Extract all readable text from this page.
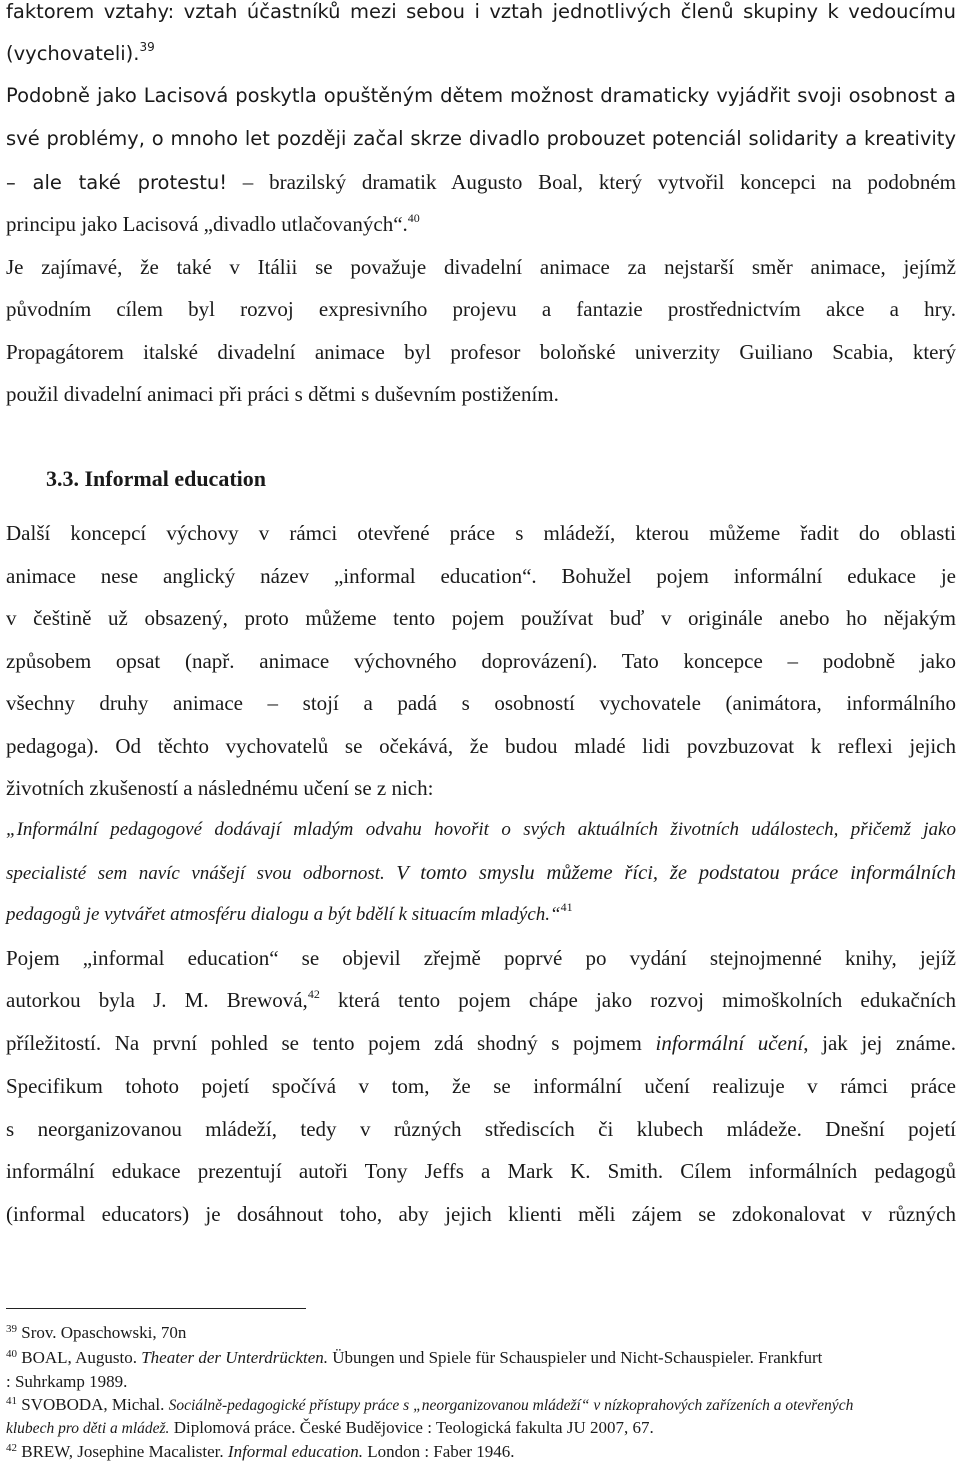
faktorem vztahy: vztah účastníků mezi sebou i vztah jednotlivých členů skupiny k vedoucímu
(vychovateli).$^{39}$
Podobně jako Lacisová poskytla opuštěným dětem možnost dramaticky vyjádřit svoji osobnost a
své problémy, o mnoho let později začal skrze divadlo probouzet potenciál solidarity a kreativity
– ale také protestu! – brazilský dramatik Augusto Boal, který vytvořil koncepci na podobném
principu jako Lacisová „divadlo utlačovaných“.$^{40}$
Je zajímavé, že také v Itálii se považuje divadelní animace za nejstarší směr animace, jejímž
původním cílem byl rozvoj expresivního projevu a fantazie prostřednictvím akce a hry.
Propagátorem italské divadelní animace byl profesor boloňské univerzity Guiliano Scabia, který
použil divadelní animaci při práci s dětmi s duševním postižením.
3.3. Informal education
Další koncepcí výchovy v rámci otevřené práce s mládeží, kterou můžeme řadit do oblasti
animace nese anglický název „informal education“. Bohužel pojem informální edukace je
v češtině už obsazený, proto můžeme tento pojem používat buď v originále anebo ho nějakým
způsobem opsat (např. animace výchovného doprovázení). Tato koncepce – podobně jako
všechny druhy animace – stojí a padá s osobností vychovatele (animátora, informálního
pedagoga). Od těchto vychovatelů se očekává, že budou mladé lidi povzbuzovat k reflexi jejich
životních zkušeností a následnému učení se z nich:
„Informální pedagogové dodávají mladým odvahu hovořit o svých aktuálních životních událostech, přičemž jako
specialisté sem navíc vnášejí svou odbornost. V tomto smyslu můžeme říci, že podstatou práce informálních
pedagogů je vytvářet atmosféru dialogu a být bdělí k situacím mladých.“$^{41}$
Pojem „informal education“ se objevil zřejmě poprvé po vydání stejnojmenné knihy, jejíž
autorkou byla J. M. Brewová,$^{42}$ která tento pojem chápe jako rozvoj mimoškolních edukačních
příležitostí. Na první pohled se tento pojem zdá shodný s pojmem informální učení, jak jej známe.
Specifikum tohoto pojetí spočívá v tom, že se informální učení realizuje v rámci práce
s neorganizovanou mládeží, tedy v různých střediscích či klubech mládeže. Dnešní pojetí
informální edukace prezentují autoři Tony Jeffs a Mark K. Smith. Cílem informálních pedagogů
(informal educators) je dosáhnout toho, aby jejich klienti měli zájem se zdokonalovat v různých
$^{39}$ Srov. Opaschowski, 70n
$^{40}$ BOAL, Augusto. Theater der Unterdrückten. Übungen und Spiele für Schauspieler und Nicht-Schauspieler. Frankfurt
: Suhrkamp 1989.
$^{41}$ SVOBODA, Michal. Sociálně-pedagogické přístupy práce s „neorganizovanou mládeží“ v nízkoprahových zařízeních a otevřených
klubech pro děti a mládež. Diplomová práce. České Budějovice : Teologická fakulta JU 2007, 67.
$^{42}$ BREW, Josephine Macalister. Informal education. London : Faber 1946.
